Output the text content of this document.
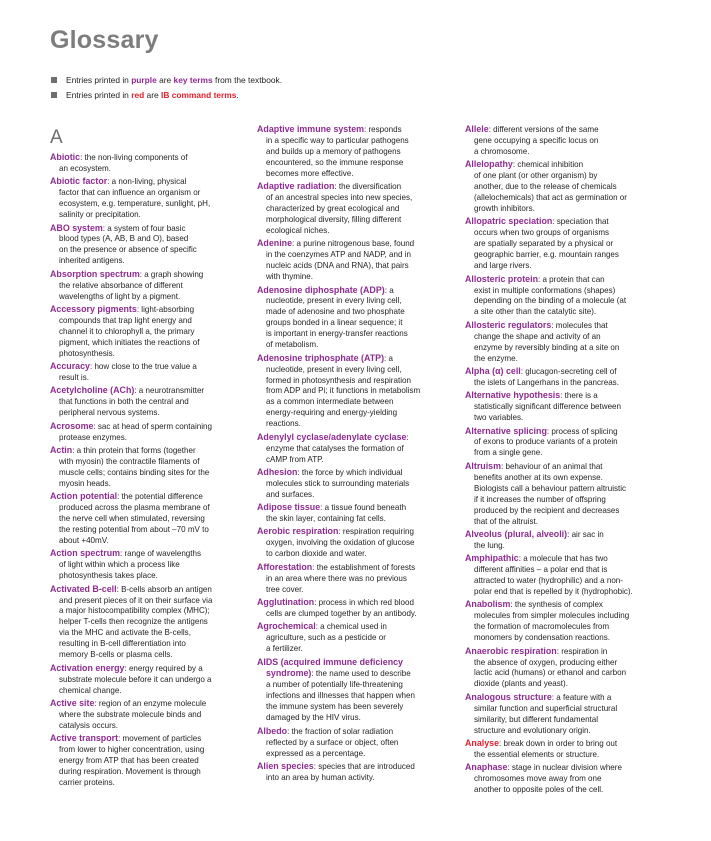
Glossary
Entries printed in purple are key terms from the textbook.
Entries printed in red are IB command terms.
A
Abiotic: the non-living components of
an ecosystem.
Abiotic factor: a non-living, physical
factor that can influence an organism or
ecosystem, e.g. temperature, sunlight, pH,
salinity or precipitation.
ABO system: a system of four basic
blood types (A, AB, B and O), based
on the presence or absence of specific
inherited antigens.
Absorption spectrum: a graph showing
the relative absorbance of different
wavelengths of light by a pigment.
Accessory pigments: light-absorbing
compounds that trap light energy and
channel it to chlorophyll a, the primary
pigment, which initiates the reactions of
photosynthesis.
Accuracy: how close to the true value a
result is.
Acetylcholine (ACh): a neurotransmitter
that functions in both the central and
peripheral nervous systems.
Acrosome: sac at head of sperm containing
protease enzymes.
Actin: a thin protein that forms (together
with myosin) the contractile filaments of
muscle cells; contains binding sites for the
myosin heads.
Action potential: the potential difference
produced across the plasma membrane of
the nerve cell when stimulated, reversing
the resting potential from about –70 mV to
about +40mV.
Action spectrum: range of wavelengths
of light within which a process like
photosynthesis takes place.
Activated B-cell: B-cells absorb an antigen
and present pieces of it on their surface via
a major histocompatibility complex (MHC);
helper T-cells then recognize the antigens
via the MHC and activate the B-cells,
resulting in B-cell differentiation into
memory B-cells or plasma cells.
Activation energy: energy required by a
substrate molecule before it can undergo a
chemical change.
Active site: region of an enzyme molecule
where the substrate molecule binds and
catalysis occurs.
Active transport: movement of particles
from lower to higher concentration, using
energy from ATP that has been created
during respiration. Movement is through
carrier proteins.
Adaptive immune system: responds
in a specific way to particular pathogens
and builds up a memory of pathogens
encountered, so the immune response
becomes more effective.
Adaptive radiation: the diversification
of an ancestral species into new species,
characterized by great ecological and
morphological diversity, filling different
ecological niches.
Adenine: a purine nitrogenous base, found
in the coenzymes ATP and NADP, and in
nucleic acids (DNA and RNA), that pairs
with thymine.
Adenosine diphosphate (ADP): a
nucleotide, present in every living cell,
made of adenosine and two phosphate
groups bonded in a linear sequence; it
is important in energy-transfer reactions
of metabolism.
Adenosine triphosphate (ATP): a
nucleotide, present in every living cell,
formed in photosynthesis and respiration
from ADP and Pi; it functions in metabolism
as a common intermediate between
energy-requiring and energy-yielding
reactions.
Adenylyl cyclase/adenylate cyclase:
enzyme that catalyses the formation of
cAMP from ATP.
Adhesion: the force by which individual
molecules stick to surrounding materials
and surfaces.
Adipose tissue: a tissue found beneath
the skin layer, containing fat cells.
Aerobic respiration: respiration requiring
oxygen, involving the oxidation of glucose
to carbon dioxide and water.
Afforestation: the establishment of forests
in an area where there was no previous
tree cover.
Agglutination: process in which red blood
cells are clumped together by an antibody.
Agrochemical: a chemical used in
agriculture, such as a pesticide or
a fertilizer.
AIDS (acquired immune deficiency
syndrome): the name used to describe
a number of potentially life-threatening
infections and illnesses that happen when
the immune system has been severely
damaged by the HIV virus.
Albedo: the fraction of solar radiation
reflected by a surface or object, often
expressed as a percentage.
Alien species: species that are introduced
into an area by human activity.
Allele: different versions of the same
gene occupying a specific locus on
a chromosome.
Allelopathy: chemical inhibition
of one plant (or other organism) by
another, due to the release of chemicals
(allelochemicals) that act as germination or
growth inhibitors.
Allopatric speciation: speciation that
occurs when two groups of organisms
are spatially separated by a physical or
geographic barrier, e.g. mountain ranges
and large rivers.
Allosteric protein: a protein that can
exist in multiple conformations (shapes)
depending on the binding of a molecule (at
a site other than the catalytic site).
Allosteric regulators: molecules that
change the shape and activity of an
enzyme by reversibly binding at a site on
the enzyme.
Alpha (α) cell: glucagon-secreting cell of
the islets of Langerhans in the pancreas.
Alternative hypothesis: there is a
statistically significant difference between
two variables.
Alternative splicing: process of splicing
of exons to produce variants of a protein
from a single gene.
Altruism: behaviour of an animal that
benefits another at its own expense.
Biologists call a behaviour pattern altruistic
if it increases the number of offspring
produced by the recipient and decreases
that of the altruist.
Alveolus (plural, alveoli): air sac in
the lung.
Amphipathic: a molecule that has two
different affinities – a polar end that is
attracted to water (hydrophilic) and a non-
polar end that is repelled by it (hydrophobic).
Anabolism: the synthesis of complex
molecules from simpler molecules including
the formation of macromolecules from
monomers by condensation reactions.
Anaerobic respiration: respiration in
the absence of oxygen, producing either
lactic acid (humans) or ethanol and carbon
dioxide (plants and yeast).
Analogous structure: a feature with a
similar function and superficial structural
similarity, but different fundamental
structure and evolutionary origin.
Analyse: break down in order to bring out
the essential elements or structure.
Anaphase: stage in nuclear division where
chromosomes move away from one
another to opposite poles of the cell.
